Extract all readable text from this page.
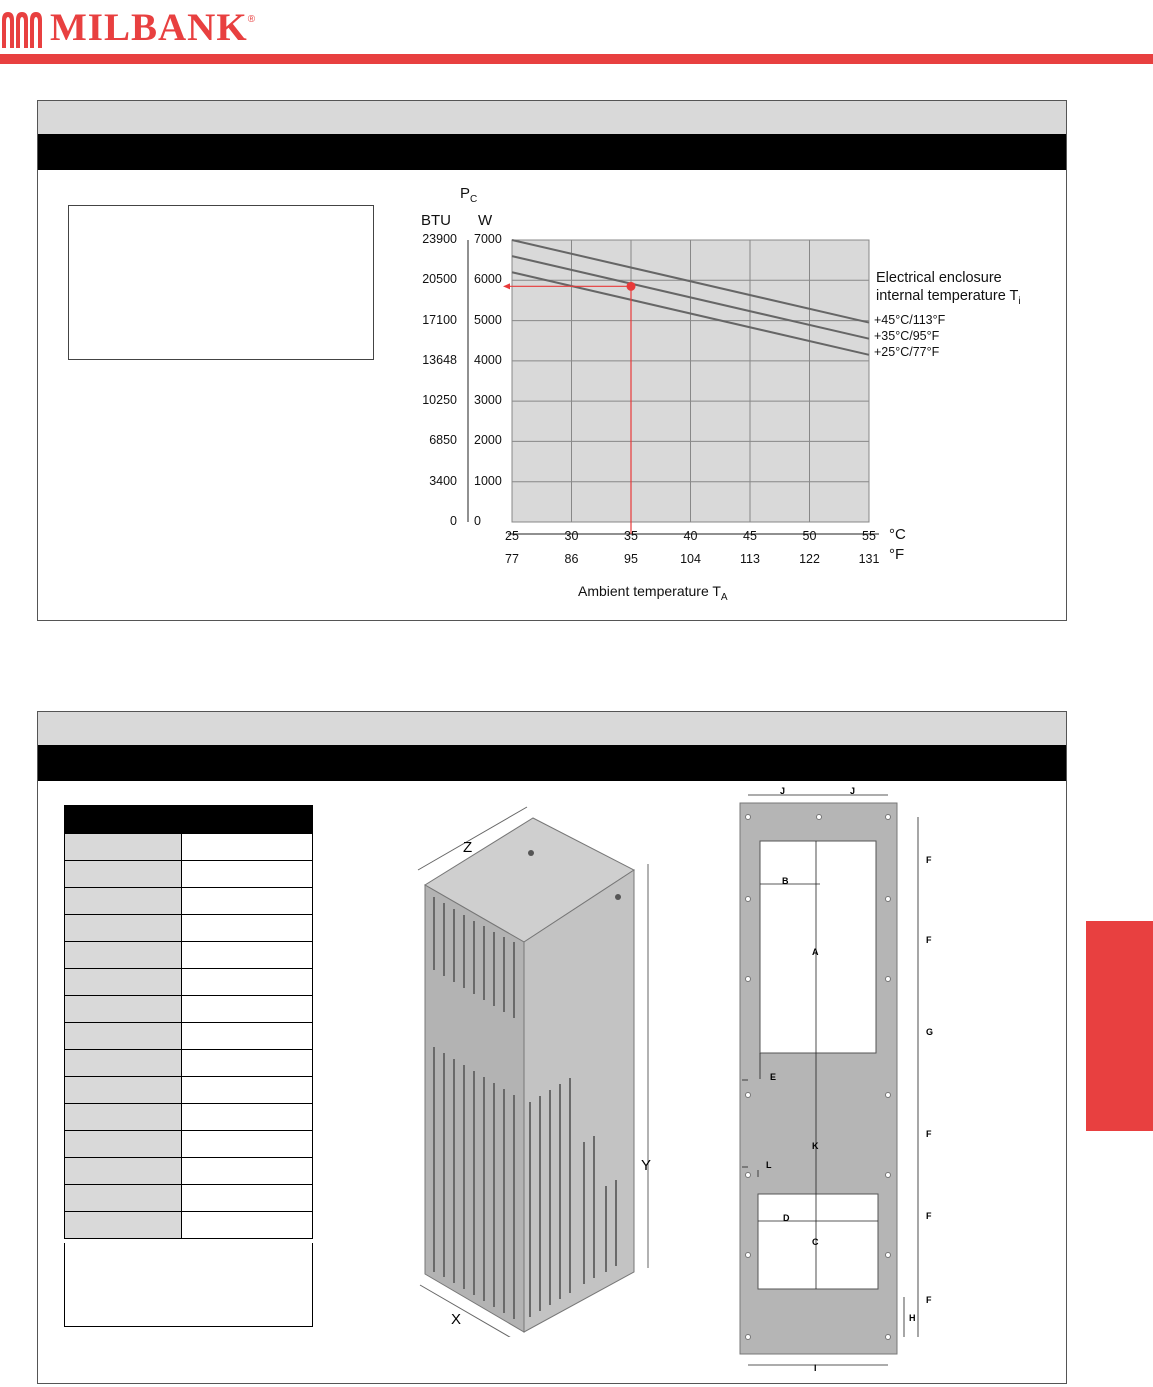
MILBANK ®
$P_C$
BTU W
°C
°F
Ambient temperature $T_A$
Electrical enclosure
internal temperature $T_i$
23900
20500
17100
13648
10250
6850
3400
0
7000
6000
5000
4000
3000
2000
1000
0
25	30	35	40	45	50	55
77	86	95	104	113	122	131
+45°C/113°F
+35°C/95°F
+25°C/77°F

Z
Y
X
J	J
B
A
E
K
L
D
C
I
F
F
G
F
F
F
H
